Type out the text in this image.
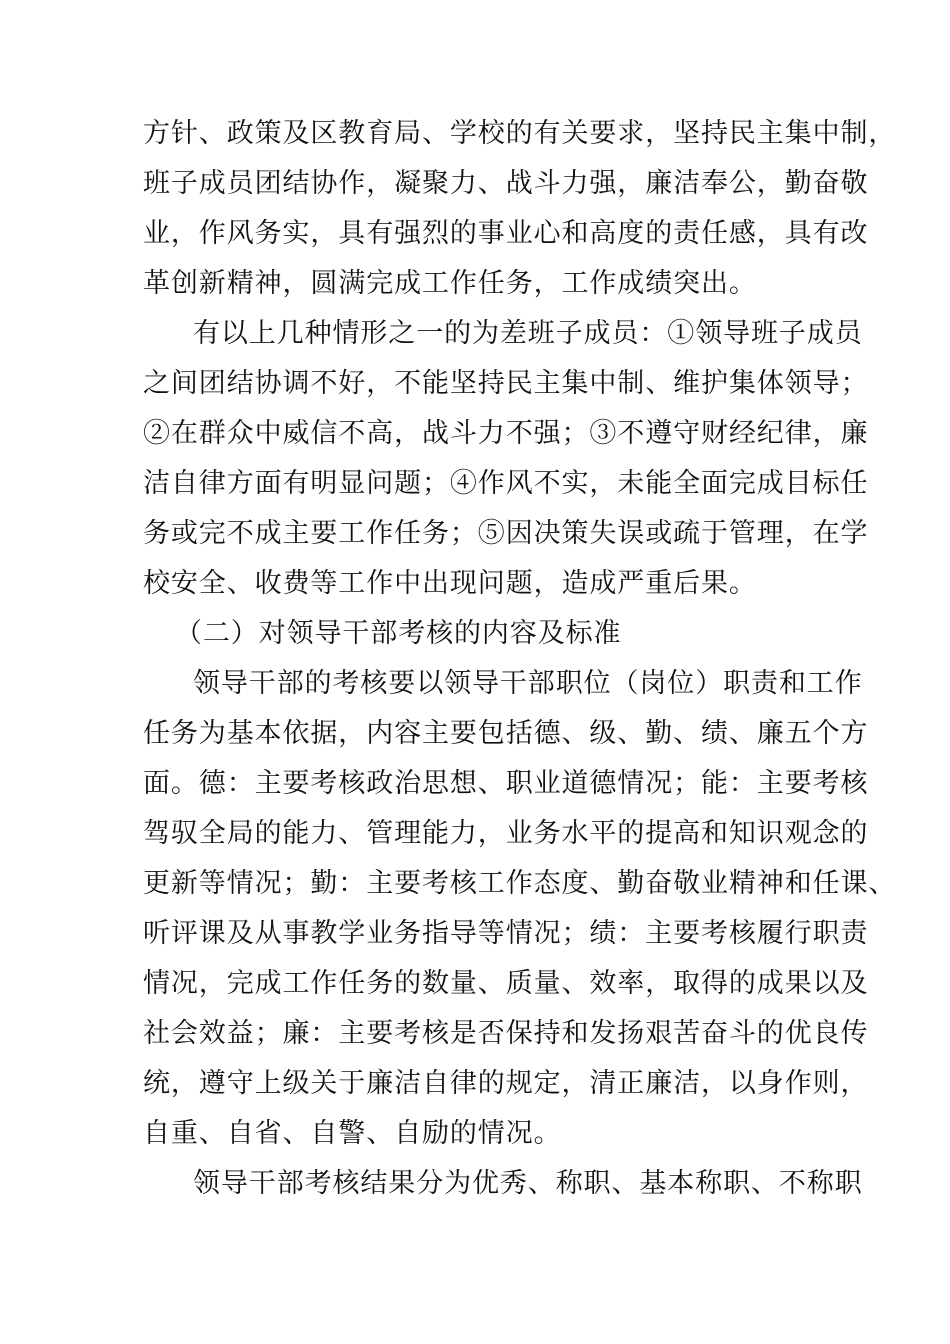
方针、政策及区教育局、学校的有关要求，坚持民主集中制，
班子成员团结协作，凝聚力、战斗力强，廉洁奉公，勤奋敬
业，作风务实，具有强烈的事业心和高度的责任感，具有改
革创新精神，圆满完成工作任务，工作成绩突出。
有以上几种情形之一的为差班子成员：①领导班子成员
之间团结协调不好，不能坚持民主集中制、维护集体领导；
②在群众中威信不高，战斗力不强；③不遵守财经纪律，廉
洁自律方面有明显问题；④作风不实，未能全面完成目标任
务或完不成主要工作任务；⑤因决策失误或疏于管理，在学
校安全、收费等工作中出现问题，造成严重后果。
（二）对领导干部考核的内容及标准
领导干部的考核要以领导干部职位（岗位）职责和工作
任务为基本依据，内容主要包括德、级、勤、绩、廉五个方
面。德：主要考核政治思想、职业道德情况；能：主要考核
驾驭全局的能力、管理能力，业务水平的提高和知识观念的
更新等情况；勤：主要考核工作态度、勤奋敬业精神和任课、
听评课及从事教学业务指导等情况；绩：主要考核履行职责
情况，完成工作任务的数量、质量、效率，取得的成果以及
社会效益；廉：主要考核是否保持和发扬艰苦奋斗的优良传
统，遵守上级关于廉洁自律的规定，清正廉洁，以身作则，
自重、自省、自警、自励的情况。
领导干部考核结果分为优秀、称职、基本称职、不称职
